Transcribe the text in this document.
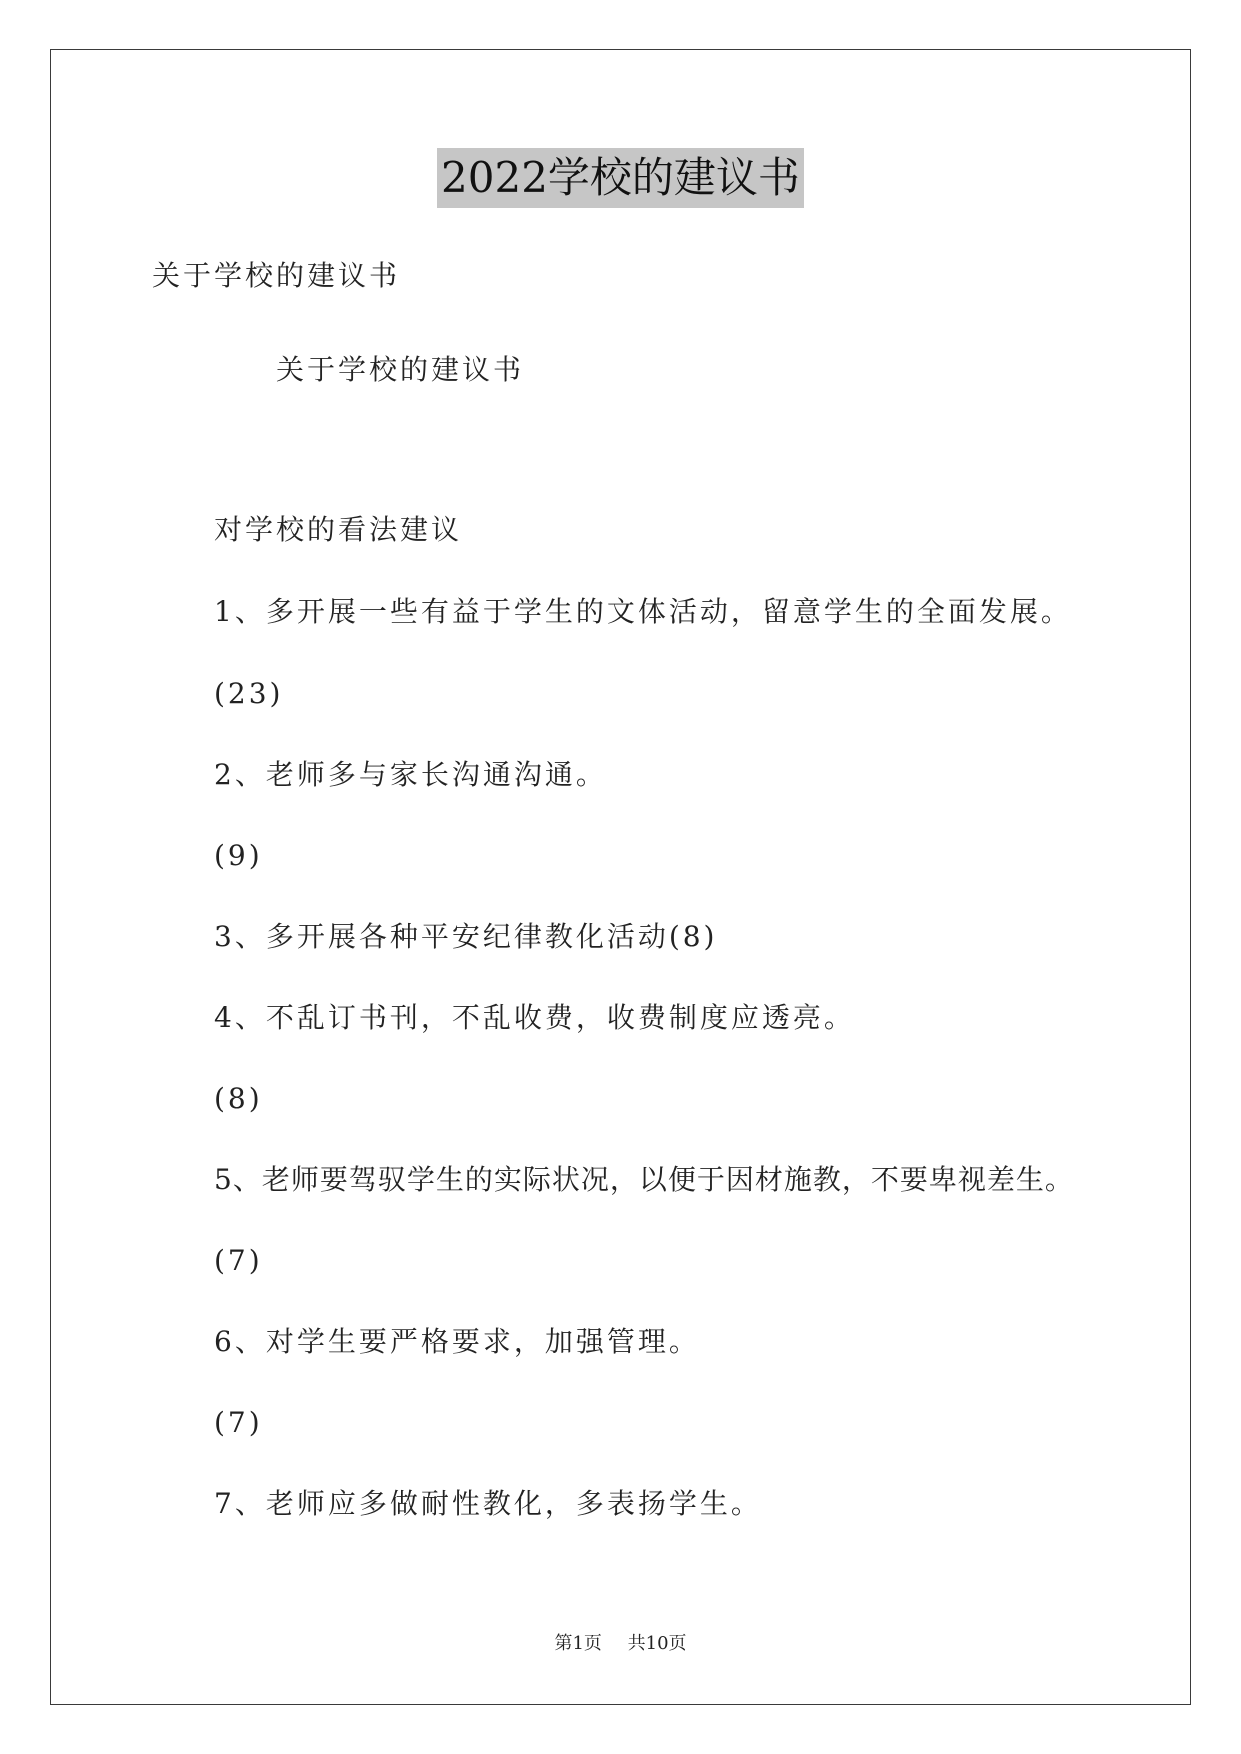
2022学校的建议书
关于学校的建议书
关于学校的建议书
对学校的看法建议
1、多开展一些有益于学生的文体活动，留意学生的全面发展。
(23)
2、老师多与家长沟通沟通。
(9)
3、多开展各种平安纪律教化活动(8)
4、不乱订书刊，不乱收费，收费制度应透亮。
(8)
5、老师要驾驭学生的实际状况，以便于因材施教，不要卑视差生。
(7)
6、对学生要严格要求，加强管理。
(7)
7、老师应多做耐性教化，多表扬学生。
第1页 共10页
